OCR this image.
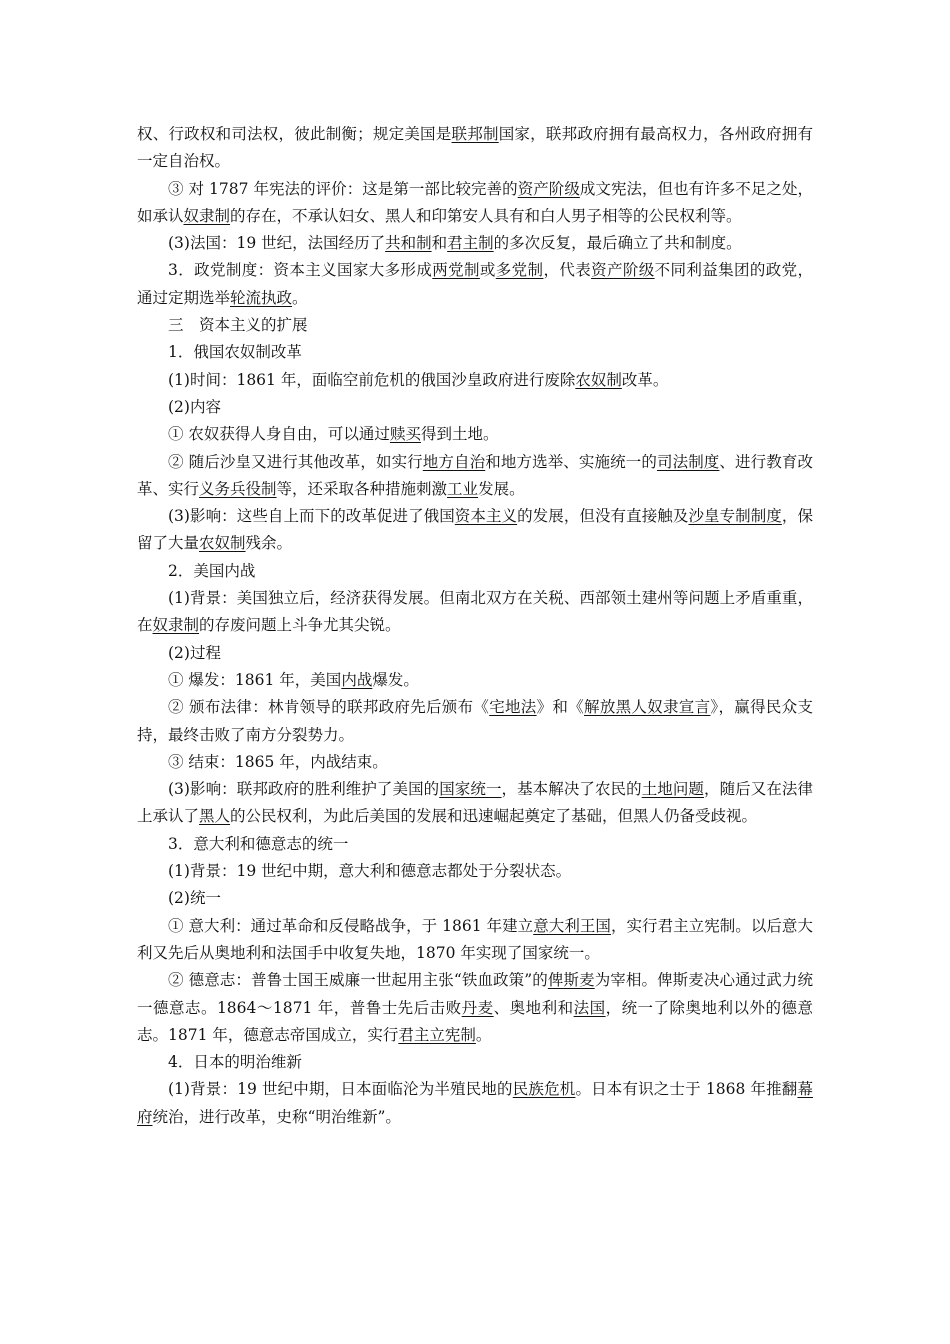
权、行政权和司法权，彼此制衡；规定美国是联邦制国家，联邦政府拥有最高权力，各州政府拥有一定自治权。

③ 对 1787 年宪法的评价：这是第一部比较完善的资产阶级成文宪法，但也有许多不足之处，如承认奴隶制的存在，不承认妇女、黑人和印第安人具有和白人男子相等的公民权利等。

(3)法国：19 世纪，法国经历了共和制和君主制的多次反复，最后确立了共和制度。

3．政党制度：资本主义国家大多形成两党制或多党制，代表资产阶级不同利益集团的政党，通过定期选举轮流执政。

三　资本主义的扩展

1．俄国农奴制改革

(1)时间：1861 年，面临空前危机的俄国沙皇政府进行废除农奴制改革。

(2)内容

① 农奴获得人身自由，可以通过赎买得到土地。

② 随后沙皇又进行其他改革，如实行地方自治和地方选举、实施统一的司法制度、进行教育改革、实行义务兵役制等，还采取各种措施刺激工业发展。

(3)影响：这些自上而下的改革促进了俄国资本主义的发展，但没有直接触及沙皇专制制度，保留了大量农奴制残余。

2．美国内战

(1)背景：美国独立后，经济获得发展。但南北双方在关税、西部领土建州等问题上矛盾重重，在奴隶制的存废问题上斗争尤其尖锐。

(2)过程

① 爆发：1861 年，美国内战爆发。

② 颁布法律：林肯领导的联邦政府先后颁布《宅地法》和《解放黑人奴隶宣言》，赢得民众支持，最终击败了南方分裂势力。

③ 结束：1865 年，内战结束。

(3)影响：联邦政府的胜利维护了美国的国家统一，基本解决了农民的土地问题，随后又在法律上承认了黑人的公民权利，为此后美国的发展和迅速崛起奠定了基础，但黑人仍备受歧视。

3．意大利和德意志的统一

(1)背景：19 世纪中期，意大利和德意志都处于分裂状态。

(2)统一

① 意大利：通过革命和反侵略战争，于 1861 年建立意大利王国，实行君主立宪制。以后意大利又先后从奥地利和法国手中收复失地，1870 年实现了国家统一。

② 德意志：普鲁士国王威廉一世起用主张“铁血政策”的俾斯麦为宰相。俾斯麦决心通过武力统一德意志。1864～1871 年，普鲁士先后击败丹麦、奥地利和法国，统一了除奥地利以外的德意志。1871 年，德意志帝国成立，实行君主立宪制。

4．日本的明治维新

(1)背景：19 世纪中期，日本面临沦为半殖民地的民族危机。日本有识之士于 1868 年推翻幕府统治，进行改革，史称“明治维新”。
